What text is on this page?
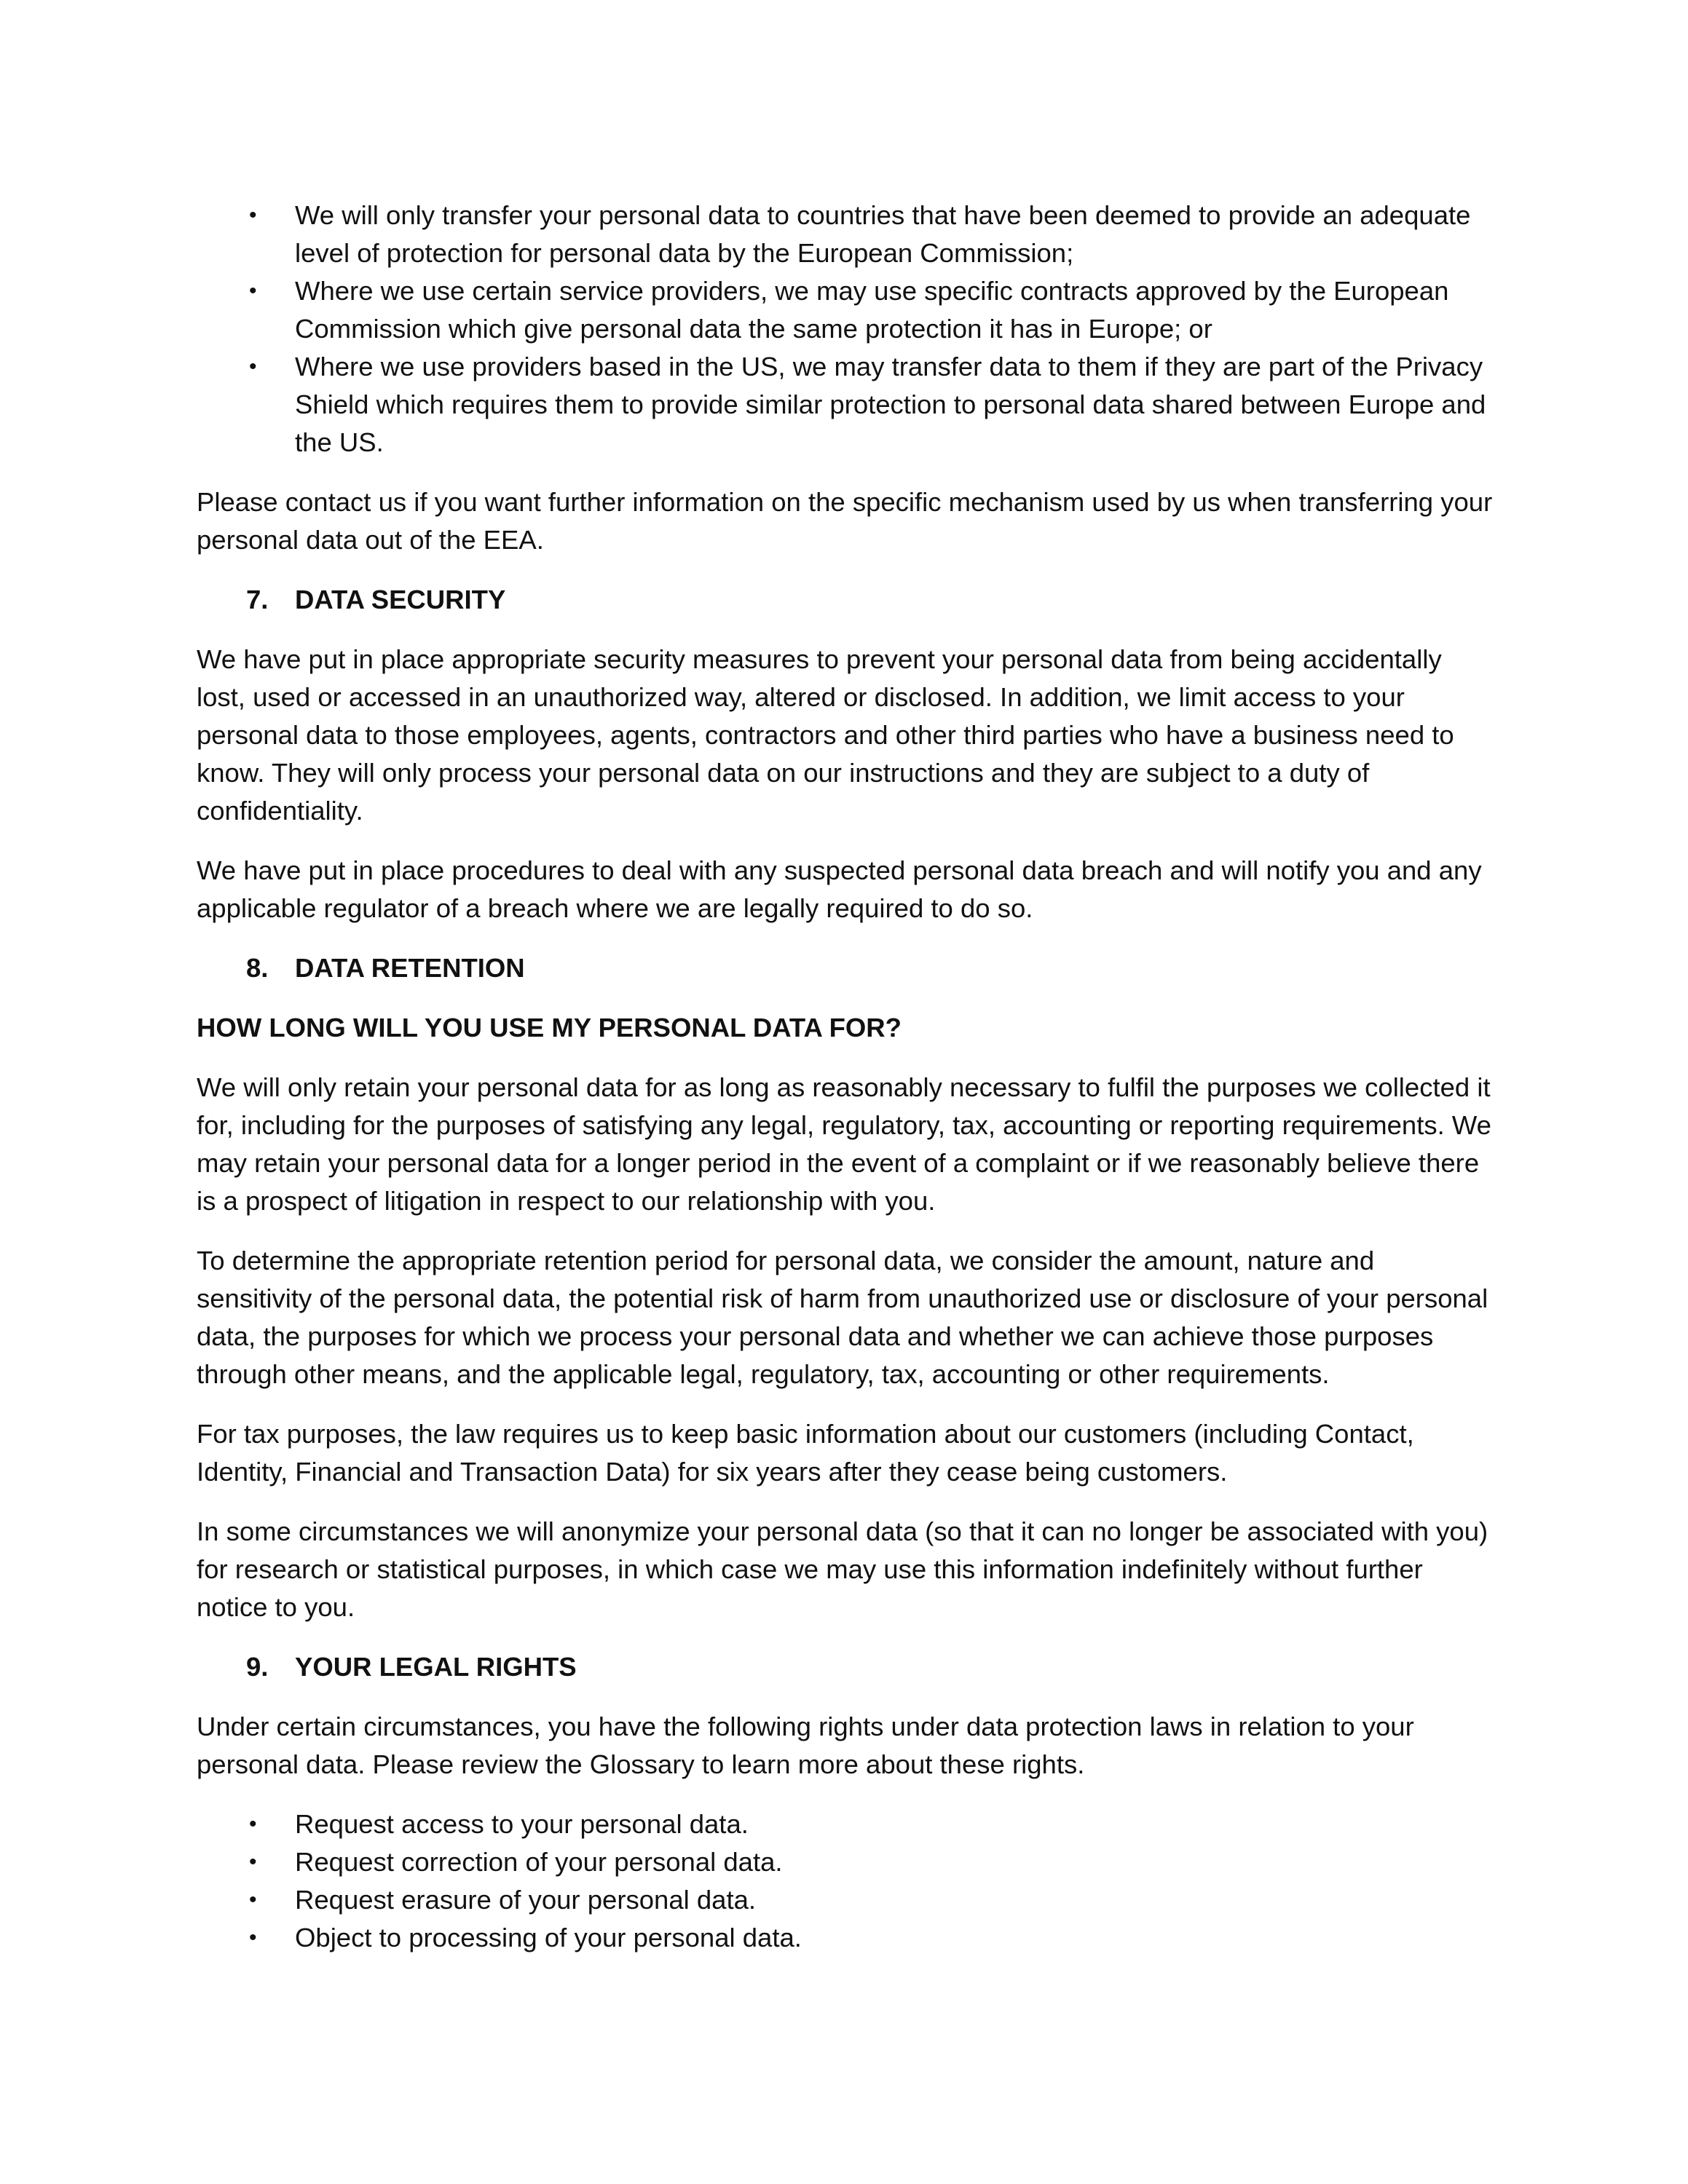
• We will only transfer your personal data to countries that have been deemed to provide an adequate level of protection for personal data by the European Commission;
• Where we use certain service providers, we may use specific contracts approved by the European Commission which give personal data the same protection it has in Europe; or
• Where we use providers based in the US, we may transfer data to them if they are part of the Privacy Shield which requires them to provide similar protection to personal data shared between Europe and the US.

Please contact us if you want further information on the specific mechanism used by us when transferring your personal data out of the EEA.

7. DATA SECURITY

We have put in place appropriate security measures to prevent your personal data from being accidentally lost, used or accessed in an unauthorized way, altered or disclosed. In addition, we limit access to your personal data to those employees, agents, contractors and other third parties who have a business need to know. They will only process your personal data on our instructions and they are subject to a duty of confidentiality.

We have put in place procedures to deal with any suspected personal data breach and will notify you and any applicable regulator of a breach where we are legally required to do so.

8. DATA RETENTION
HOW LONG WILL YOU USE MY PERSONAL DATA FOR?

We will only retain your personal data for as long as reasonably necessary to fulfil the purposes we collected it for, including for the purposes of satisfying any legal, regulatory, tax, accounting or reporting requirements. We may retain your personal data for a longer period in the event of a complaint or if we reasonably believe there is a prospect of litigation in respect to our relationship with you.

To determine the appropriate retention period for personal data, we consider the amount, nature and sensitivity of the personal data, the potential risk of harm from unauthorized use or disclosure of your personal data, the purposes for which we process your personal data and whether we can achieve those purposes through other means, and the applicable legal, regulatory, tax, accounting or other requirements.

For tax purposes, the law requires us to keep basic information about our customers (including Contact, Identity, Financial and Transaction Data) for six years after they cease being customers.

In some circumstances we will anonymize your personal data (so that it can no longer be associated with you) for research or statistical purposes, in which case we may use this information indefinitely without further notice to you.

9. YOUR LEGAL RIGHTS

Under certain circumstances, you have the following rights under data protection laws in relation to your personal data. Please review the Glossary to learn more about these rights.

• Request access to your personal data.
• Request correction of your personal data.
• Request erasure of your personal data.
• Object to processing of your personal data.
